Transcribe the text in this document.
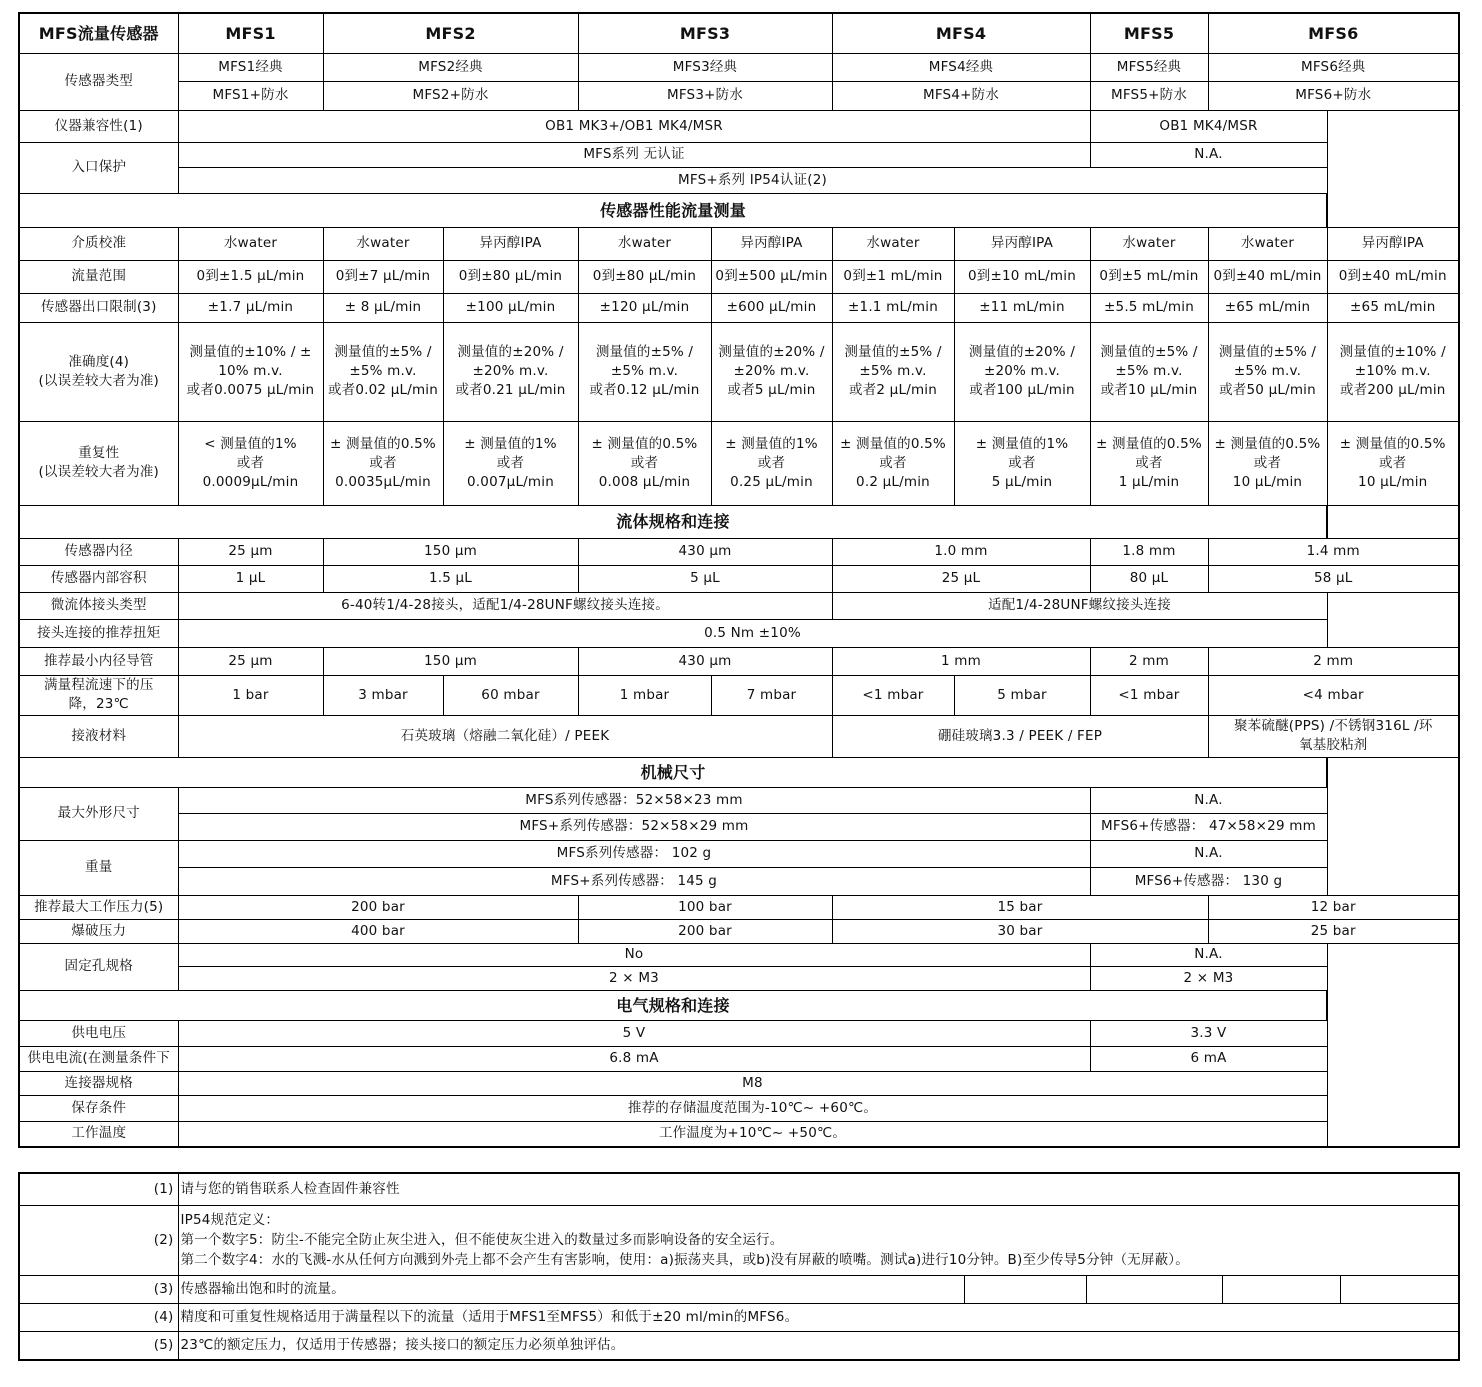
MFS流量传感器	MFS1	MFS2		MFS3		MFS4		MFS5	MFS6	
传感器类型	MFS1经典	MFS2经典		MFS3经典		MFS4经典		MFS5经典	MFS6经典	
	MFS1+防水	MFS2+防水		MFS3+防水		MFS4+防水		MFS5+防水	MFS6+防水	
仪器兼容性(1)	OB1 MK3+/OB1 MK4/MSR							OB1 MK4/MSR		
入口保护	MFS系列 无认证							N.A.		
	MFS+系列 IP54认证(2)									
传感器性能流量测量										
介质校准	水water	水water	异丙醇IPA	水water	异丙醇IPA	水water	异丙醇IPA	水water	水water	异丙醇IPA
流量范围	0到±1.5 μL/min	0到±7 μL/min	0到±80 μL/min	0到±80 μL/min	0到±500 μL/min	0到±1 mL/min	0到±10 mL/min	0到±5 mL/min	0到±40 mL/min	0到±40 mL/min
传感器出口限制(3)	±1.7 μL/min	± 8 μL/min	±100 μL/min	±120 μL/min	±600 μL/min	±1.1 mL/min	±11 mL/min	±5.5 mL/min	±65 mL/min	±65 mL/min

准确度(4)
(以误差较大者为准)	测量值的±10% / ±
10% m.v.
或者0.0075 μL/min	测量值的±5% /
±5% m.v.
或者0.02 μL/min	测量值的±20% /
±20% m.v.
或者0.21 μL/min	测量值的±5% /
±5% m.v.
或者0.12 μL/min	测量值的±20% /
±20% m.v.
或者5 μL/min	测量值的±5% /
±5% m.v.
或者2 μL/min	测量值的±20% /
±20% m.v.
或者100 μL/min	测量值的±5% /
±5% m.v.
或者10 μL/min	测量值的±5% /
±5% m.v.
或者50 μL/min	测量值的±10% /
±10% m.v.
或者200 μL/min

重复性
(以误差较大者为准)	< 测量值的1%
或者
0.0009μL/min	± 测量值的0.5%
或者
0.0035μL/min	± 测量值的1%
或者
0.007μL/min	± 测量值的0.5%
或者
0.008 μL/min	± 测量值的1%
或者
0.25 μL/min	± 测量值的0.5%
或者
0.2 μL/min	± 测量值的1%
或者
5 μL/min	± 测量值的0.5%
或者
1 μL/min	± 测量值的0.5%
或者
10 μL/min	± 测量值的0.5%
或者
10 μL/min

流体规格和连接										
传感器内径	25 μm	150 μm		430 μm		1.0 mm		1.8 mm	1.4 mm	
传感器内部容积	1 μL	1.5 μL		5 μL		25 μL		80 μL	58 μL	
微流体接头类型	6-40转1/4-28接头，适配1/4-28UNF螺纹接头连接。					适配1/4-28UNF螺纹接头连接				
接头连接的推荐扭矩	0.5 Nm ±10%									
推荐最小内径导管	25 μm	150 μm		430 μm		1 mm		2 mm	2 mm	

满量程流速下的压
降，23℃	1 bar	3 mbar	60 mbar	1 mbar	7 mbar	<1 mbar	5 mbar	<1 mbar	<4 mbar	
接液材料	石英玻璃（熔融二氧化硅）/ PEEK					硼硅玻璃3.3 / PEEK / FEP			聚苯硫醚(PPS) /不锈钢316L /环
氧基胶粘剂	

机械尺寸										
最大外形尺寸	MFS系列传感器：52×58×23 mm							N.A.		
	MFS+系列传感器：52×58×29 mm							MFS6+传感器： 47×58×29 mm		
重量	MFS系列传感器： 102 g							N.A.		
	MFS+系列传感器： 145 g							MFS6+传感器： 130 g		
推荐最大工作压力(5)	200 bar			100 bar		15 bar			12 bar	
爆破压力	400 bar			200 bar		30 bar			25 bar	
固定孔规格	No							N.A.		
	2 × M3							2 × M3		
电气规格和连接										
供电电压	5 V							3.3 V		
供电电流(在测量条件下	6.8 mA							6 mA		
连接器规格	M8									
保存条件	推荐的存储温度范围为-10℃~ +60℃。									
工作温度	工作温度为+10℃~ +50℃。									
(1)	请与您的销售联系人检查固件兼容性				
(2)	IP54规范定义：
第一个数字5：防尘-不能完全防止灰尘进入，但不能使灰尘进入的数量过多而影响设备的安全运行。
第二个数字4：水的飞溅-水从任何方向溅到外壳上都不会产生有害影响，使用：a)振荡夹具，或b)没有屏蔽的喷嘴。测试a)进行10分钟。B)至少传导5分钟（无屏蔽）。				

(3)	传感器输出饱和时的流量。				
(4)	精度和可重复性规格适用于满量程以下的流量（适用于MFS1至MFS5）和低于±20 ml/min的MFS6。				
(5)	23℃的额定压力，仅适用于传感器；接头接口的额定压力必须单独评估。				
